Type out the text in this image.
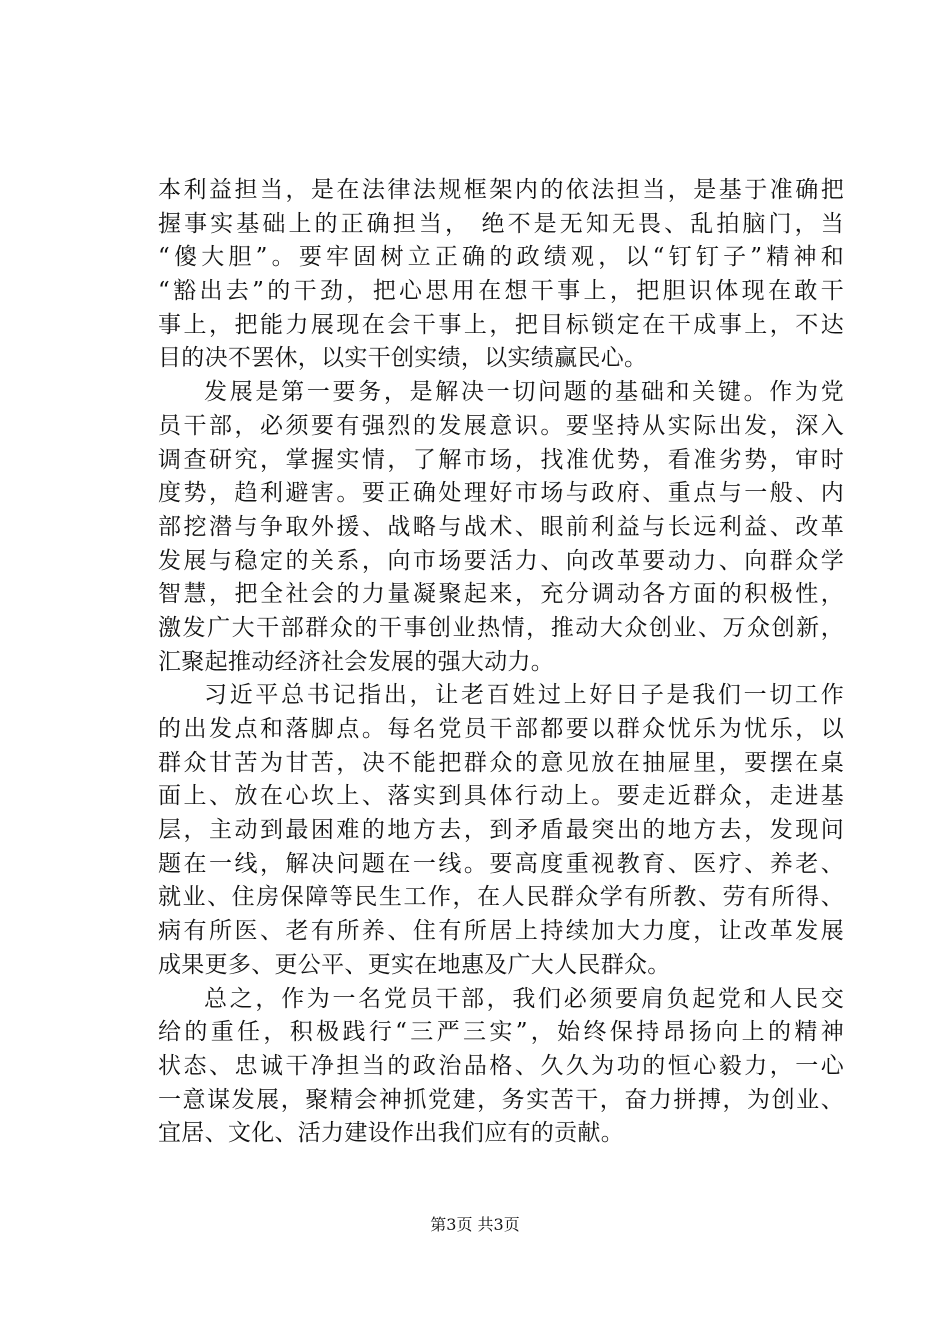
本利益担当，是在法律法规框架内的依法担当，是基于准确把
握事实基础上的正确担当， 绝不是无知无畏、乱拍脑门，当
“傻大胆”。要牢固树立正确的政绩观，以“钉钉子”精神和
“豁出去”的干劲，把心思用在想干事上，把胆识体现在敢干
事上，把能力展现在会干事上，把目标锁定在干成事上，不达
目的决不罢休，以实干创实绩，以实绩赢民心。
发展是第一要务，是解决一切问题的基础和关键。作为党
员干部，必须要有强烈的发展意识。要坚持从实际出发，深入
调查研究，掌握实情，了解市场，找准优势，看准劣势，审时
度势，趋利避害。要正确处理好市场与政府、重点与一般、内
部挖潜与争取外援、战略与战术、眼前利益与长远利益、改革
发展与稳定的关系，向市场要活力、向改革要动力、向群众学
智慧，把全社会的力量凝聚起来，充分调动各方面的积极性，
激发广大干部群众的干事创业热情，推动大众创业、万众创新，
汇聚起推动经济社会发展的强大动力。
习近平总书记指出，让老百姓过上好日子是我们一切工作
的出发点和落脚点。每名党员干部都要以群众忧乐为忧乐，以
群众甘苦为甘苦，决不能把群众的意见放在抽屉里，要摆在桌
面上、放在心坎上、落实到具体行动上。要走近群众，走进基
层，主动到最困难的地方去，到矛盾最突出的地方去，发现问
题在一线，解决问题在一线。要高度重视教育、医疗、养老、
就业、住房保障等民生工作，在人民群众学有所教、劳有所得、
病有所医、老有所养、住有所居上持续加大力度，让改革发展
成果更多、更公平、更实在地惠及广大人民群众。
总之，作为一名党员干部，我们必须要肩负起党和人民交
给的重任，积极践行“三严三实”，始终保持昂扬向上的精神
状态、忠诚干净担当的政治品格、久久为功的恒心毅力，一心
一意谋发展，聚精会神抓党建，务实苦干，奋力拼搏，为创业、
宜居、文化、活力建设作出我们应有的贡献。
第3页 共3页
